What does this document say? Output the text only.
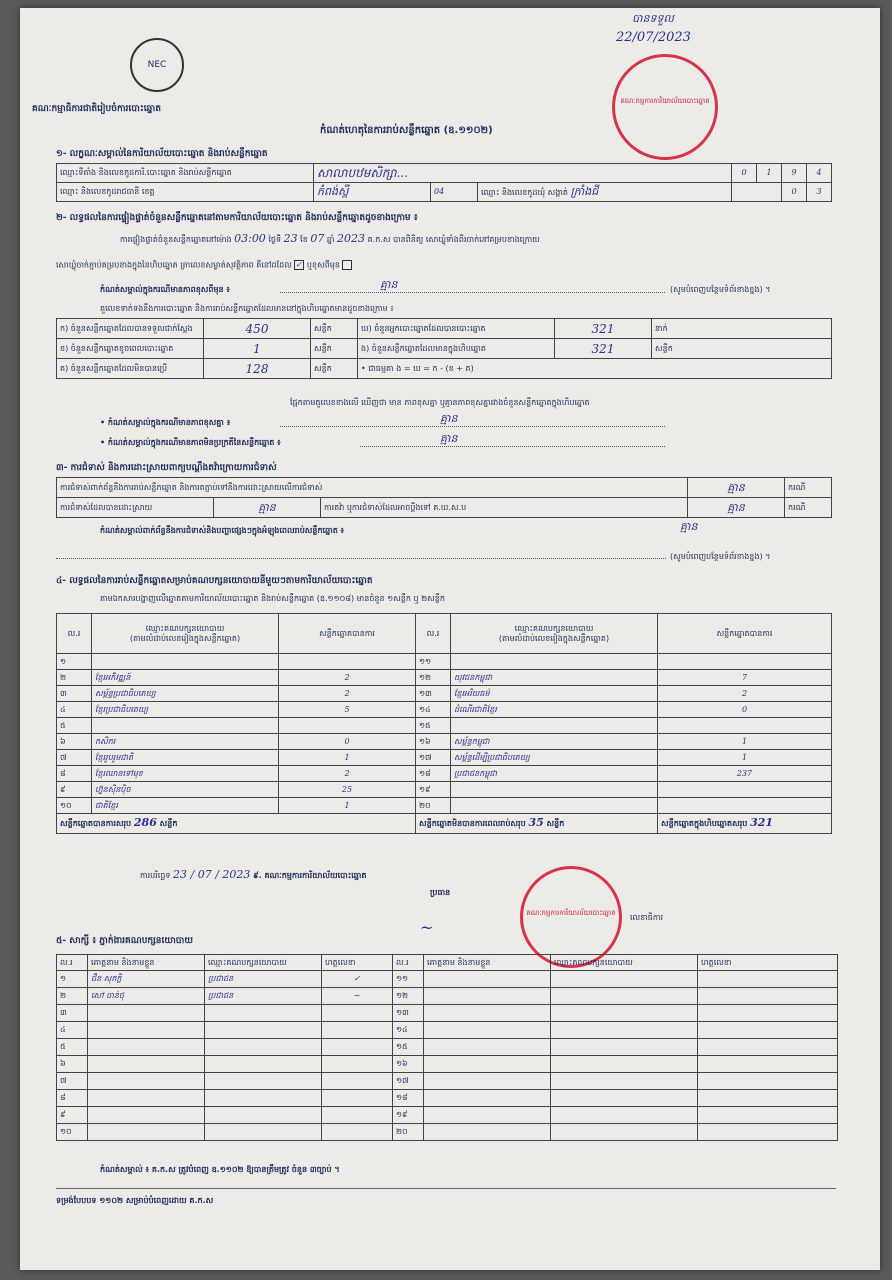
NEC
គណៈកម្មាធិការជាតិរៀបចំការបោះឆ្នោត
កំណត់ហេតុនៃការរាប់សន្លឹកឆ្នោត (ឧ.១១០២)
បាន​ទទួល
22/07/2023
គណៈកម្មការការិយាល័យបោះឆ្នោត
១- លក្ខណៈសម្គាល់នៃការិយាល័យបោះឆ្នោត និងរាប់សន្លឹកឆ្នោត
ឈ្មោះទីតាំង និងលេខកូដការិ.បោះឆ្នោត និងរាប់សន្លឹកឆ្នោត	សាលាបឋមសិក្សា...			0	1	9	4
ឈ្មោះ និងលេខកូដរាជធានី ខេត្ត	កំពង់ស្ពឺ	04	ឈ្មោះ និងលេខកូដឃុំ សង្កាត់ ក្រាំងជី			0	3
២- លទ្ធផលនៃការផ្ទៀងផ្ទាត់ចំនួនសន្លឹកឆ្នោតនៅតាមការិយាល័យបោះឆ្នោត និងរាប់សន្លឹកឆ្នោតដូចខាងក្រោម ៖
ការផ្ទៀងផ្ទាត់ចំនួនសន្លឹកឆ្នោតនៅម៉ោង 03:00 ថ្ងៃទី 23 ខែ 07 ឆ្នាំ 2023 គ.ក.ស បានពិនិត្យ សោឃ្លុំទាំងពីរចាក់នៅគម្របខាងក្រោយ
សោឃ្លុំចាក់ភ្ជាប់គម្របខាងក្នុងនៃហិបឆ្នោត ត្រាលេខសម្ងាត់សុវត្ថិភាព គឺនៅដដែល ✓ ឬខុសពីមុន
កំណត់សម្គាល់ក្នុងករណីមានភាពខុសពីមុន ៖	គ្មាន	(សូមបំពេញបន្ថែមទំព័រខាងខ្នង) ។
តួលេខទាក់ទងនឹងការបោះឆ្នោត និងការរាប់សន្លឹកឆ្នោតដែលមាននៅក្នុងហិបឆ្នោតមានដូចខាងក្រោម ៖
ក) ចំនួនសន្លឹកឆ្នោតដែលបានទទួលជាក់ស្តែង	450	សន្លឹក	ឃ) ចំនួនអ្នកបោះឆ្នោតដែលបានបោះឆ្នោត	321	នាក់
ខ) ចំនួនសន្លឹកឆ្នោតខូចពេលបោះឆ្នោត	1	សន្លឹក	ង) ចំនួនសន្លឹកឆ្នោតដែលមានក្នុងហិបឆ្នោត	321	សន្លឹក
គ) ចំនួនសន្លឹកឆ្នោតដែលមិនបានប្រើ	128	សន្លឹក	• ជាធម្មតា ង = ឃ = ក - (ខ + គ)		
ផ្អែកតាមតួលេខខាងលើ ឃើញថា មាន ភាពខុសគ្នា ឬគ្មានភាពខុសគ្នារវាងចំនួនសន្លឹកឆ្នោតក្នុងហិបឆ្នោត
• កំណត់សម្គាល់ក្នុងករណីមានភាពខុសគ្នា ៖	គ្មាន
• កំណត់សម្គាល់ក្នុងករណីមានភាពមិនប្រក្រតីនៃសន្លឹកឆ្នោត ៖	គ្មាន
៣- ការជំទាស់ និងការដោះស្រាយពាក្យបណ្តឹងតវ៉ាក្រោយការជំទាស់
ការជំទាស់ពាក់ព័ន្ធនឹងការរាប់សន្លឹកឆ្នោត និងការតភ្ជាប់ទៅនឹងការដោះស្រាយលើការជំទាស់			គ្មាន	ករណី
ការជំទាស់ដែលបានដោះស្រាយ	គ្មាន	ការតវ៉ា ឬការជំទាស់ដែលអាចប្តឹងទៅ គ.ឃ.ស.ប	គ្មាន	ករណី
កំណត់សម្គាល់ពាក់ព័ន្ធនឹងការជំទាស់និងបញ្ហាផ្សេងៗក្នុងអំឡុងពេលរាប់សន្លឹកឆ្នោត ៖	គ្មាន
(សូមបំពេញបន្ថែមទំព័រខាងខ្នង) ។
៤- លទ្ធផលនៃការរាប់សន្លឹកឆ្នោតសម្រាប់គណបក្សនយោបាយនីមួយៗតាមការិយាល័យបោះឆ្នោត
តាមឯកសារបង្ហាញលើឆ្នោតតាមការិយាល័យបោះឆ្នោត និងរាប់សន្លឹកឆ្នោត (ឧ.១១០៨) មានចំនួន ១សន្លឹក ឬ ២សន្លឹក
ល.រ	ឈ្មោះគណបក្សនយោបាយ
(តាមលំដាប់លេខរៀងក្នុងសន្លឹកឆ្នោត)	សន្លឹកឆ្នោតបានការ	ល.រ	ឈ្មោះគណបក្សនយោបាយ
(តាមលំដាប់លេខរៀងក្នុងសន្លឹកឆ្នោត)	សន្លឹកឆ្នោតបានការ
១			១១		
២	ខ្មែរអភិវឌ្ឍន៍	2	១២	យុវជនកម្ពុជា	7
៣	សម្ព័ន្ធប្រជាធិបតេយ្យ	2	១៣	ខ្មែរអរិយធម៌	2
៤	ខ្មែរប្រជាធិបតេយ្យ	5	១៤	ដំណើរជាតិខ្មែរ	0
៥			១៥		
៦	កសិករ	0	១៦	សម្ព័ន្ធកម្ពុជា	1
៧	ខ្មែររួបរួមជាតិ	1	១៧	សម្ព័ន្ធដើម្បីប្រជាធិបតេយ្យ	1
៨	ខ្មែរឈានទៅមុខ	2	១៨	ប្រជាជនកម្ពុជា	237
៩	ហ្វ៊ុនស៊ិនប៉ិច	25	១៩		
១០	ជាតិខ្មែរ	1	២០		
សន្លឹកឆ្នោតបានការសរុប 286 សន្លឹក			សន្លឹកឆ្នោតមិនបានការពេលរាប់សរុប 35 សន្លឹក		សន្លឹកឆ្នោតក្នុងហិបឆ្នោតសរុប 321
ការបរិច្ឆេទ 23 / 07 / 2023 ៩. គណៈកម្មការការិយាល័យបោះឆ្នោត
ប្រធាន
លេខាធិការ
~
គណៈកម្មការការិយាល័យបោះឆ្នោត
៥- សាក្សី ៖ ភ្នាក់ងារគណបក្សនយោបាយ
ល.រ	គោត្តនាម និងនាមខ្លួន	ឈ្មោះគណបក្សនយោបាយ	ហត្ថលេខា	ល.រ	គោត្តនាម និងនាមខ្លួន	ឈ្មោះគណបក្សនយោបាយ	ហត្ថលេខា
១	ជឹន សុភក្តិ	ប្រជាជន	✓	១១			
២	សៅ ចាន់ថុ	ប្រជាជន	~	១២			
៣				១៣			
៤				១៤			
៥				១៥			
៦				១៦			
៧				១៧			
៨				១៨			
៩				១៩			
១០				២០			
កំណត់សម្គាល់ ៖ គ.ក.ស ត្រូវបំពេញ ឧ.១១០២ ឱ្យបានត្រឹមត្រូវ ចំនួន ៣ច្បាប់ ។
ទម្រង់បែបបទ ១១០២ សម្រាប់បំពេញដោយ គ.ក.ស
